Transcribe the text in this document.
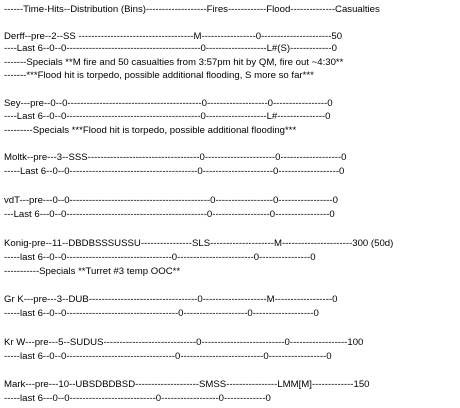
------Time-Hits--Distribution (Bins)-------------------Fires------------Flood--------------Casualties
Derff--pre--2--SS ------------------------------------M-----------------0----------------------50
----Last 6--0--0------------------------------------------0-------------------L#(S)-------------0
-------Specials **M fire and 50 casualties from 3:57pm hit by QM, fire out ~4:30**
-------***Flood hit is torpedo, possible additional flooding, S more so far***
Sey---pre--0--0------------------------------------------0-------------------0-----------------0
----Last 6--0--0------------------------------------------0-------------------L#---------------0
---------Specials ***Flood hit is torpedo, possible additional flooding***
Moltk--pre---3--SSS-----------------------------------0----------------------0-------------------0
-----Last 6--0--0----------------------------------------0----------------------0-------------------0
vdT---pre---0--0--------------------------------------------0------------------0-----------------0
---Last 6---0--0--------------------------------------------0------------------0-----------------0
Konig-pre--11--DBDBSSSUSSU----------------SLS--------------------M----------------------300 (50d)
-----last 6--0--0---------------------------------0------------------------0----------------0
-----------Specials **Turret #3 temp OOC**
Gr K---pre---3--DUB----------------------------------0--------------------M------------------0
-----last 6--0--0-----------------------------------0--------------------0-------------------0
Kr W---pre---5--SUDUS-----------------------------0--------------------------0------------------100
-----last 6--0--0----------------------------------0--------------------------0------------------0
Mark---pre---10--UBSDBDBSD--------------------SMSS----------------LMM[M]-------------150
-----last 6---0--0---------------------------0------------------0-------------0
